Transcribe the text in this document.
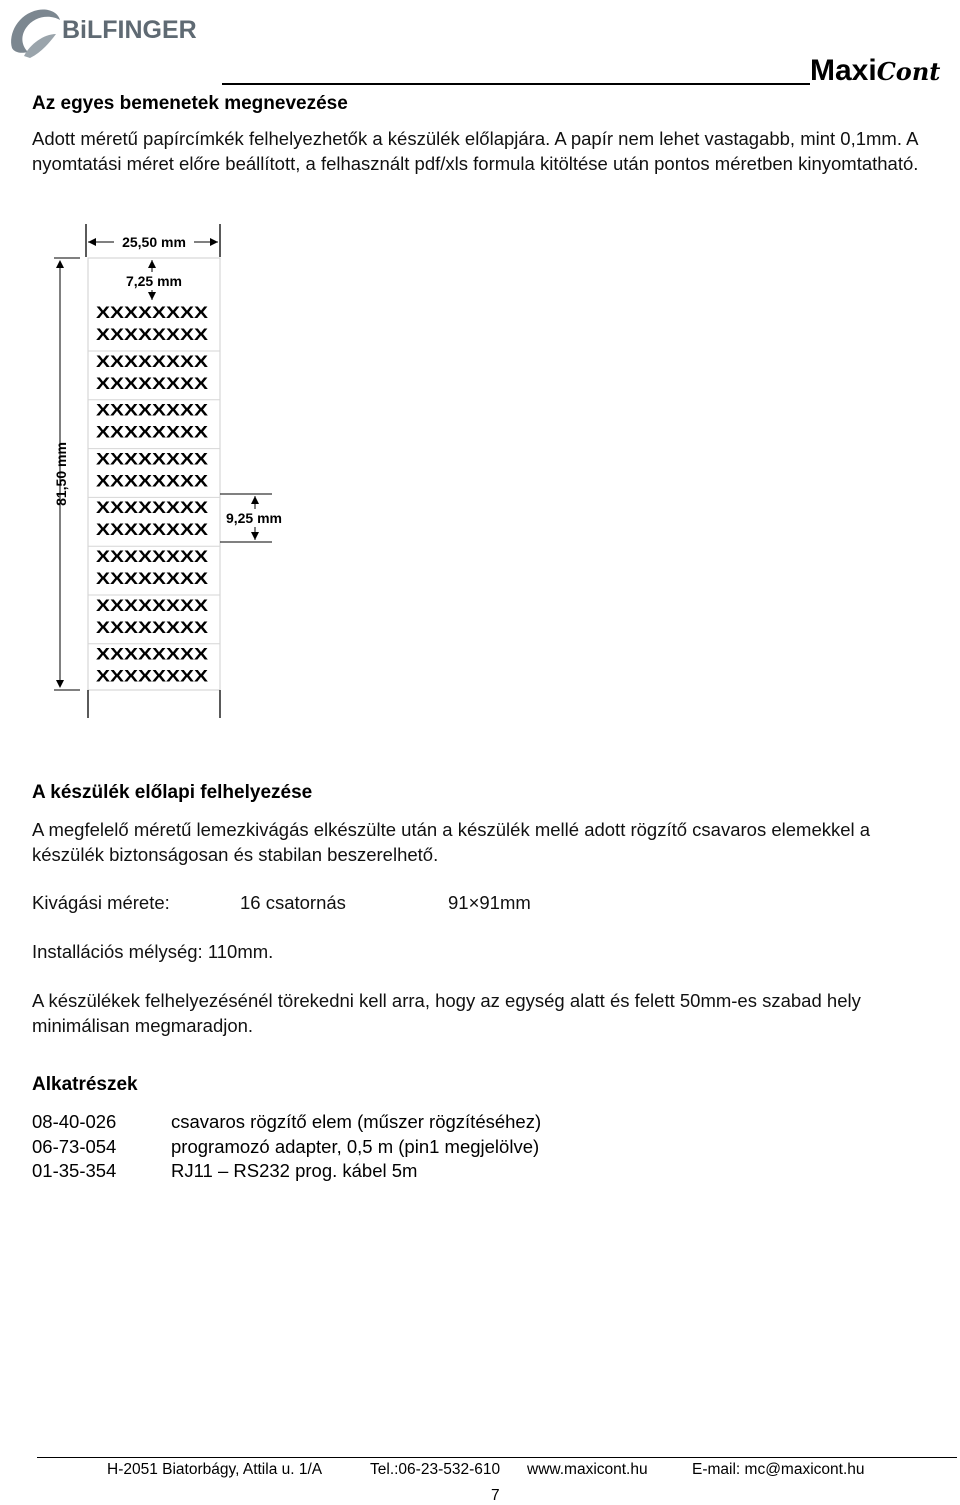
BiLFINGER
MaxiCont
Az egyes bemenetek megnevezése
Adott méretű papírcímkék felhelyezhetők a készülék előlapjára. A papír nem lehet vastagabb, mint 0,1mm. A nyomtatási méret előre beállított, a felhasznált pdf/xls formula kitöltése után pontos méretben kinyomtatható.
25,50 mm
7,25 mm
81,50 mm
9,25 mm
XXXXXXXX
XXXXXXXX
XXXXXXXX
XXXXXXXX
XXXXXXXX
XXXXXXXX
XXXXXXXX
XXXXXXXX
XXXXXXXX
XXXXXXXX
XXXXXXXX
XXXXXXXX
XXXXXXXX
XXXXXXXX
XXXXXXXX
XXXXXXXX
A készülék előlapi felhelyezése
A megfelelő méretű lemezkivágás elkészülte után a készülék mellé adott rögzítő csavaros elemekkel a készülék biztonságosan és stabilan beszerelhető.
Kivágási mérete:	16 csatornás	91×91mm
Installációs mélység: 110mm.
A készülékek felhelyezésénél törekedni kell arra, hogy az egység alatt és felett 50mm-es szabad hely minimálisan megmaradjon.
Alkatrészek
08-40-026	csavaros rögzítő elem (műszer rögzítéséhez)
06-73-054	programozó adapter, 0,5 m (pin1 megjelölve)
01-35-354	RJ11 – RS232 prog. kábel 5m
H-2051 Biatorbágy, Attila u. 1/A	Tel.:06-23-532-610 www.maxicont.hu	E-mail: mc@maxicont.hu
7
